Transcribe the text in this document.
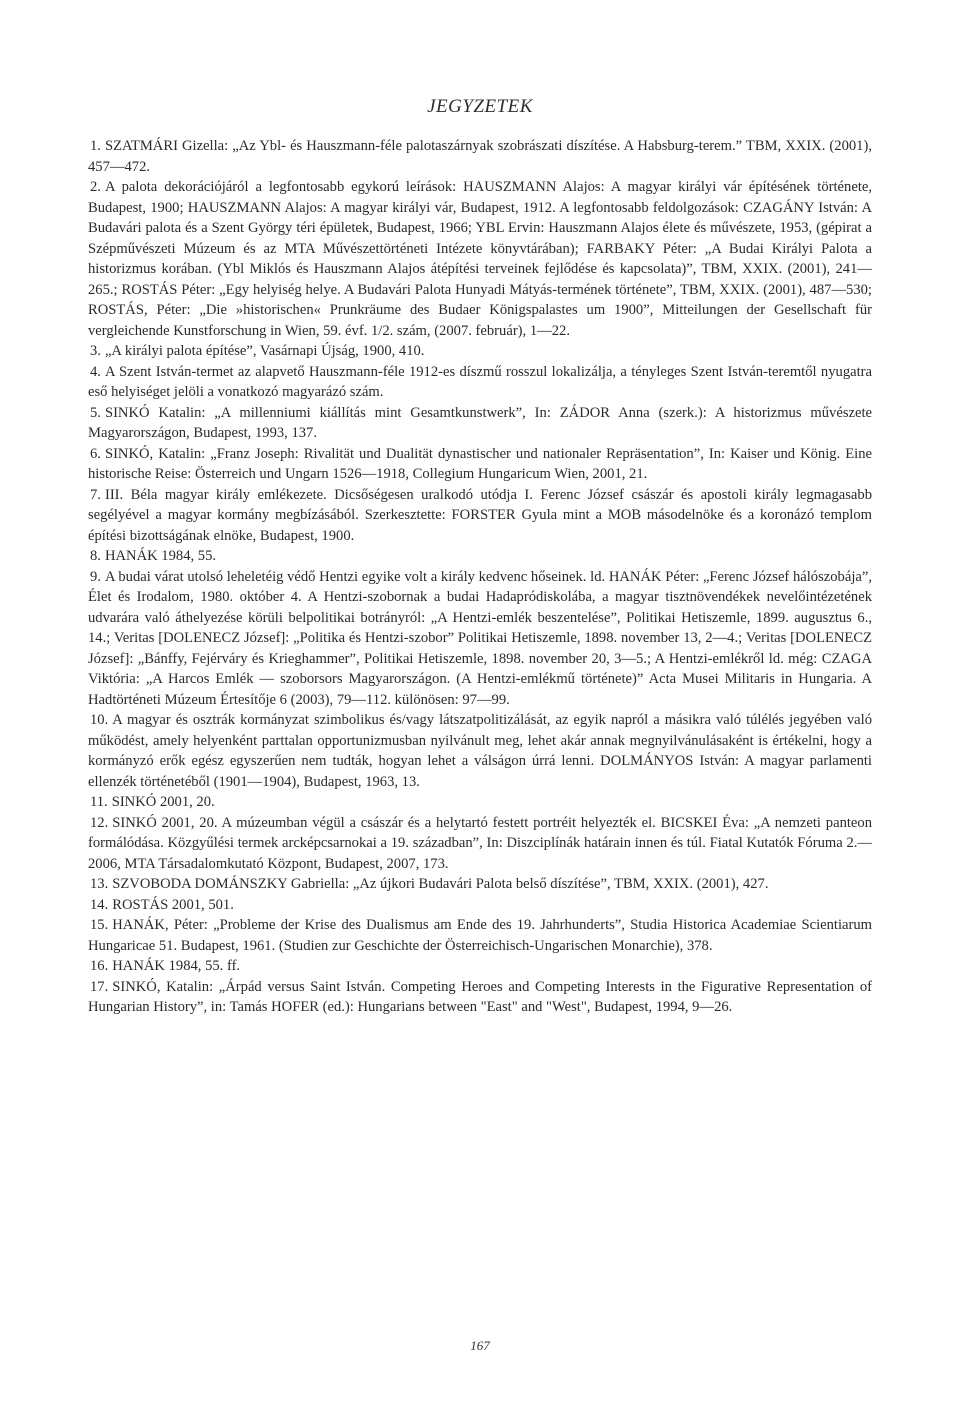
JEGYZETEK

1. SZATMÁRI Gizella: „Az Ybl- és Hauszmann-féle palotaszárnyak szobrászati díszítése. A Habsburg-terem.” TBM, XXIX. (2001), 457—472.

2. A palota dekorációjáról a legfontosabb egykorú leírások: HAUSZMANN Alajos: A magyar királyi vár építésének története, Budapest, 1900; HAUSZMANN Alajos: A magyar királyi vár, Budapest, 1912. A legfontosabb feldolgozások: CZAGÁNY István: A Budavári palota és a Szent György téri épületek, Budapest, 1966; YBL Ervin: Hauszmann Alajos élete és művészete, 1953, (gépirat a Szépművészeti Múzeum és az MTA Művészettörténeti Intézete könyvtárában); FARBAKY Péter: „A Budai Királyi Palota a historizmus korában. (Ybl Miklós és Hauszmann Alajos átépítési terveinek fejlődése és kapcsolata)”, TBM, XXIX. (2001), 241—265.; ROSTÁS Péter: „Egy helyiség helye. A Budavári Palota Hunyadi Mátyás-termének története”, TBM, XXIX. (2001), 487—530; ROSTÁS, Péter: „Die »historischen« Prunkräume des Budaer Königspalastes um 1900”, Mitteilungen der Gesellschaft für vergleichende Kunstforschung in Wien, 59. évf. 1/2. szám, (2007. február), 1—22.

3. „A királyi palota építése”, Vasárnapi Újság, 1900, 410.

4. A Szent István-termet az alapvető Hauszmann-féle 1912-es díszmű rosszul lokalizálja, a tényleges Szent István-teremtől nyugatra eső helyiséget jelöli a vonatkozó magyarázó szám.

5. SINKÓ Katalin: „A millenniumi kiállítás mint Gesamtkunstwerk”, In: ZÁDOR Anna (szerk.): A historizmus művészete Magyarországon, Budapest, 1993, 137.

6. SINKÓ, Katalin: „Franz Joseph: Rivalität und Dualität dynastischer und nationaler Repräsentation”, In: Kaiser und König. Eine historische Reise: Österreich und Ungarn 1526—1918, Collegium Hungaricum Wien, 2001, 21.

7. III. Béla magyar király emlékezete. Dicsőségesen uralkodó utódja I. Ferenc József császár és apostoli király legmagasabb segélyével a magyar kormány megbízásából. Szerkesztette: FORSTER Gyula mint a MOB másodelnöke és a koronázó templom építési bizottságának elnöke, Budapest, 1900.

8. HANÁK 1984, 55.

9. A budai várat utolsó leheletéig védő Hentzi egyike volt a király kedvenc hőseinek. ld. HANÁK Péter: „Ferenc József hálószobája”, Élet és Irodalom, 1980. október 4. A Hentzi-szobornak a budai Hadapródiskolába, a magyar tisztnövendékek nevelőintézetének udvarára való áthelyezése körüli belpolitikai botrányról: „A Hentzi-emlék beszentelése”, Politikai Hetiszemle, 1899. augusztus 6., 14.; Veritas [DOLENECZ József]: „Politika és Hentzi-szobor” Politikai Hetiszemle, 1898. november 13, 2—4.; Veritas [DOLENECZ József]: „Bánffy, Fejérváry és Krieghammer”, Politikai Hetiszemle, 1898. november 20, 3—5.; A Hentzi-emlékről ld. még: CZAGA Viktória: „A Harcos Emlék — szoborsors Magyarországon. (A Hentzi-emlékmű története)” Acta Musei Militaris in Hungaria. A Hadtörténeti Múzeum Értesítője 6 (2003), 79—112. különösen: 97—99.

10. A magyar és osztrák kormányzat szimbolikus és/vagy látszatpolitizálását, az egyik napról a másikra való túlélés jegyében való működést, amely helyenként parttalan opportunizmusban nyilvánult meg, lehet akár annak megnyilvánulásaként is értékelni, hogy a kormányzó erők egész egyszerűen nem tudták, hogyan lehet a válságon úrrá lenni. DOLMÁNYOS István: A magyar parlamenti ellenzék történetéből (1901—1904), Budapest, 1963, 13.

11. SINKÓ 2001, 20.

12. SINKÓ 2001, 20. A múzeumban végül a császár és a helytartó festett portréit helyezték el. BICSKEI Éva: „A nemzeti panteon formálódása. Közgyűlési termek arcképcsarnokai a 19. században”, In: Diszciplínák határain innen és túl. Fiatal Kutatók Fóruma 2.—2006, MTA Társadalomkutató Központ, Budapest, 2007, 173.

13. SZVOBODA DOMÁNSZKY Gabriella: „Az újkori Budavári Palota belső díszítése”, TBM, XXIX. (2001), 427.

14. ROSTÁS 2001, 501.

15. HANÁK, Péter: „Probleme der Krise des Dualismus am Ende des 19. Jahrhunderts”, Studia Historica Academiae Scientiarum Hungaricae 51. Budapest, 1961. (Studien zur Geschichte der Österreichisch-Ungarischen Monarchie), 378.

16. HANÁK 1984, 55. ff.

17. SINKÓ, Katalin: „Árpád versus Saint István. Competing Heroes and Competing Interests in the Figurative Representation of Hungarian History”, in: Tamás HOFER (ed.): Hungarians between "East" and "West", Budapest, 1994, 9—26.

167
